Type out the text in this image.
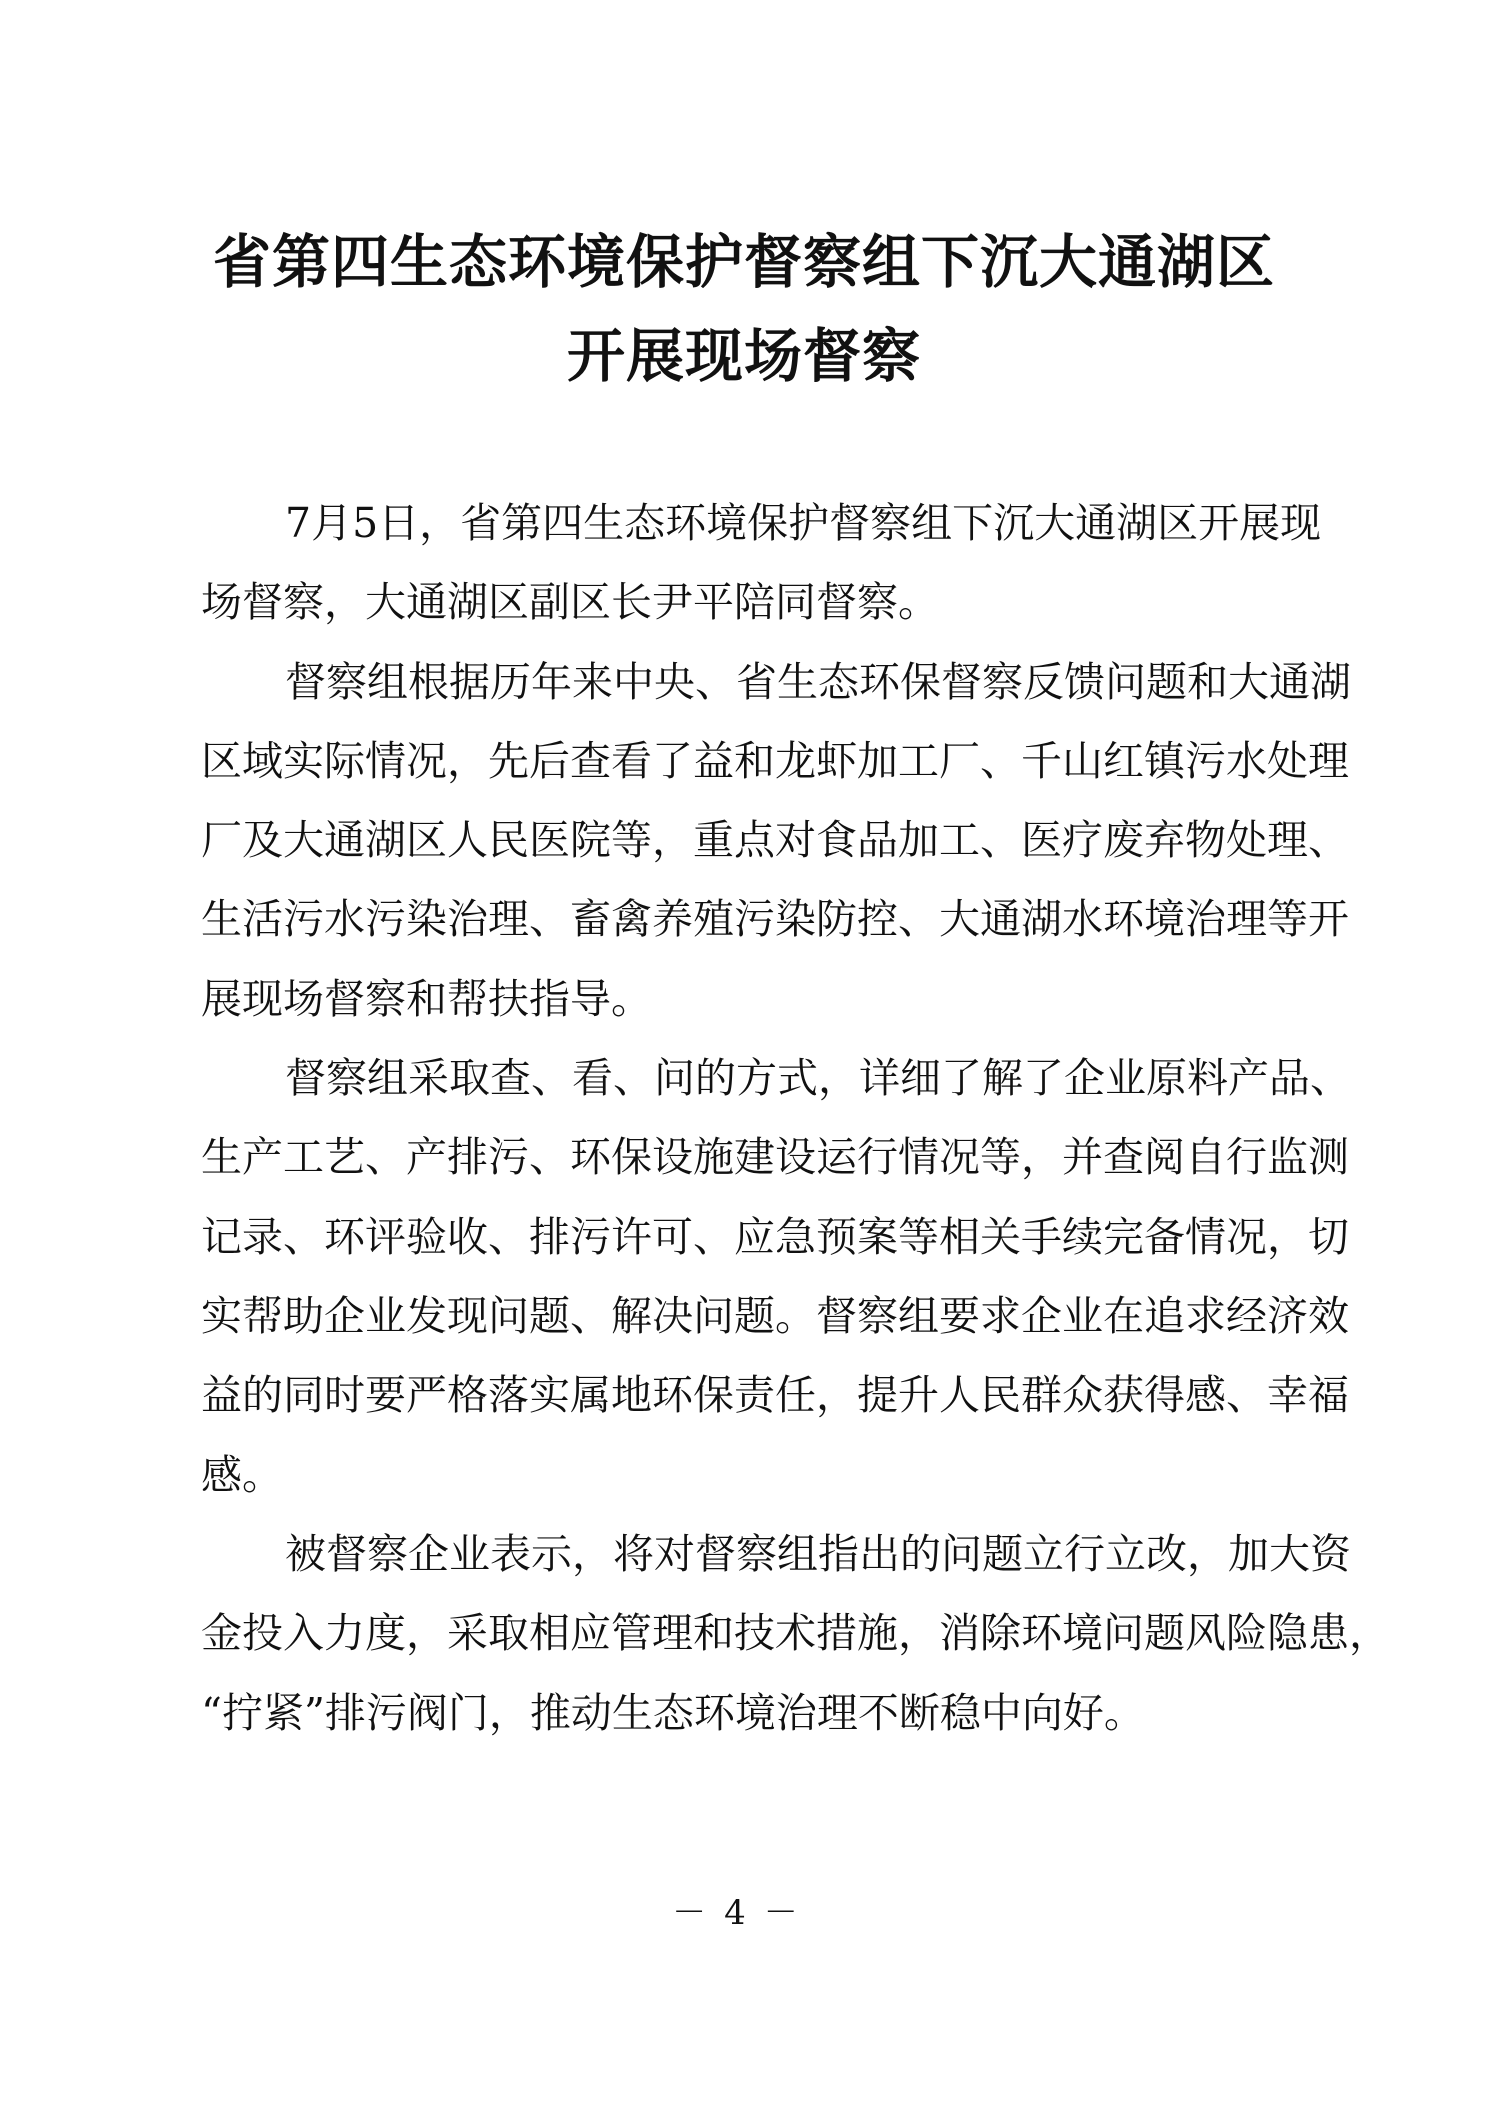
省第四生态环境保护督察组下沉大通湖区
开展现场督察
7月5日，省第四生态环境保护督察组下沉大通湖区开展现
场督察，大通湖区副区长尹平陪同督察。
督察组根据历年来中央、省生态环保督察反馈问题和大通湖
区域实际情况，先后查看了益和龙虾加工厂、千山红镇污水处理
厂及大通湖区人民医院等，重点对食品加工、医疗废弃物处理、
生活污水污染治理、畜禽养殖污染防控、大通湖水环境治理等开
展现场督察和帮扶指导。
督察组采取查、看、问的方式，详细了解了企业原料产品、
生产工艺、产排污、环保设施建设运行情况等，并查阅自行监测
记录、环评验收、排污许可、应急预案等相关手续完备情况，切
实帮助企业发现问题、解决问题。督察组要求企业在追求经济效
益的同时要严格落实属地环保责任，提升人民群众获得感、幸福
感。
被督察企业表示，将对督察组指出的问题立行立改，加大资
金投入力度，采取相应管理和技术措施，消除环境问题风险隐患，
“拧紧”排污阀门，推动生态环境治理不断稳中向好。
－4－
